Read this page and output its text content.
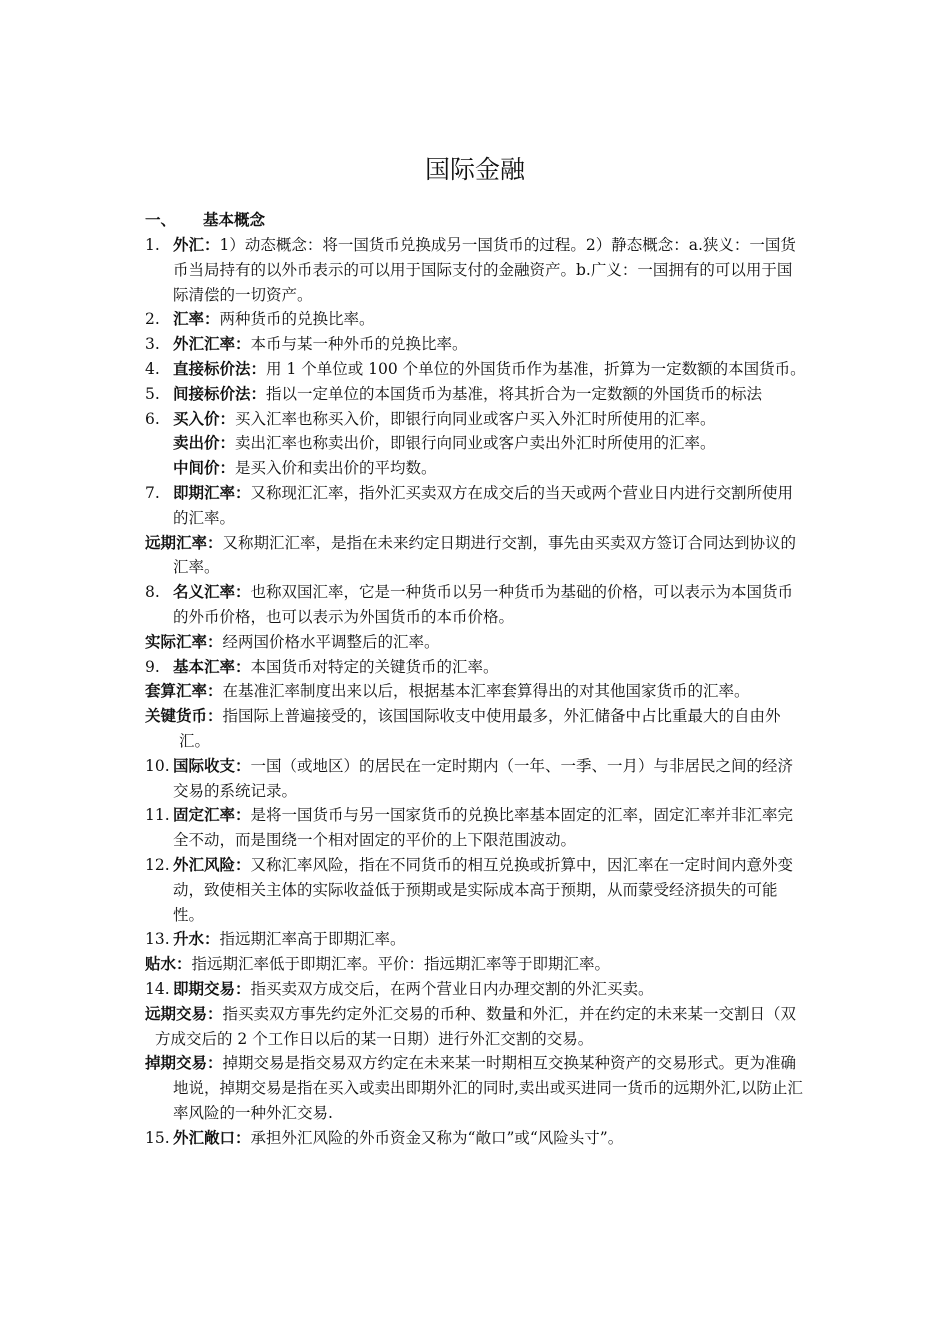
国际金融
一、 基本概念

1. 外汇：1）动态概念：将一国货币兑换成另一国货币的过程。2）静态概念：a.狭义：一国货币当局持有的以外币表示的可以用于国际支付的金融资产。b.广义：一国拥有的可以用于国际清偿的一切资产。

2. 汇率：两种货币的兑换比率。

3. 外汇汇率：本币与某一种外币的兑换比率。

4. 直接标价法：用 1 个单位或 100 个单位的外国货币作为基准，折算为一定数额的本国货币。

5. 间接标价法：指以一定单位的本国货币为基准，将其折合为一定数额的外国货币的标法

6. 买入价：买入汇率也称买入价，即银行向同业或客户买入外汇时所使用的汇率。

卖出价：卖出汇率也称卖出价，即银行向同业或客户卖出外汇时所使用的汇率。

中间价：是买入价和卖出价的平均数。

7. 即期汇率：又称现汇汇率，指外汇买卖双方在成交后的当天或两个营业日内进行交割所使用的汇率。

远期汇率：又称期汇汇率，是指在未来约定日期进行交割，事先由买卖双方签订合同达到协议的汇率。

8. 名义汇率：也称双国汇率，它是一种货币以另一种货币为基础的价格，可以表示为本国货币的外币价格，也可以表示为外国货币的本币价格。

实际汇率：经两国价格水平调整后的汇率。

9. 基本汇率：本国货币对特定的关键货币的汇率。

套算汇率：在基准汇率制度出来以后，根据基本汇率套算得出的对其他国家货币的汇率。

关键货币：指国际上普遍接受的，该国国际收支中使用最多，外汇储备中占比重最大的自由外汇。

10. 国际收支：一国（或地区）的居民在一定时期内（一年、一季、一月）与非居民之间的经济交易的系统记录。

11. 固定汇率：是将一国货币与另一国家货币的兑换比率基本固定的汇率，固定汇率并非汇率完全不动，而是围绕一个相对固定的平价的上下限范围波动。

12. 外汇风险：又称汇率风险，指在不同货币的相互兑换或折算中，因汇率在一定时间内意外变动，致使相关主体的实际收益低于预期或是实际成本高于预期，从而蒙受经济损失的可能性。

13. 升水：指远期汇率高于即期汇率。

贴水：指远期汇率低于即期汇率。平价：指远期汇率等于即期汇率。

14. 即期交易：指买卖双方成交后，在两个营业日内办理交割的外汇买卖。

远期交易：指买卖双方事先约定外汇交易的币种、数量和外汇，并在约定的未来某一交割日（双方成交后的 2 个工作日以后的某一日期）进行外汇交割的交易。

掉期交易：掉期交易是指交易双方约定在未来某一时期相互交换某种资产的交易形式。更为准确地说，掉期交易是指在买入或卖出即期外汇的同时,卖出或买进同一货币的远期外汇,以防止汇率风险的一种外汇交易.

15. 外汇敞口：承担外汇风险的外币资金又称为“敞口”或“风险头寸”。
